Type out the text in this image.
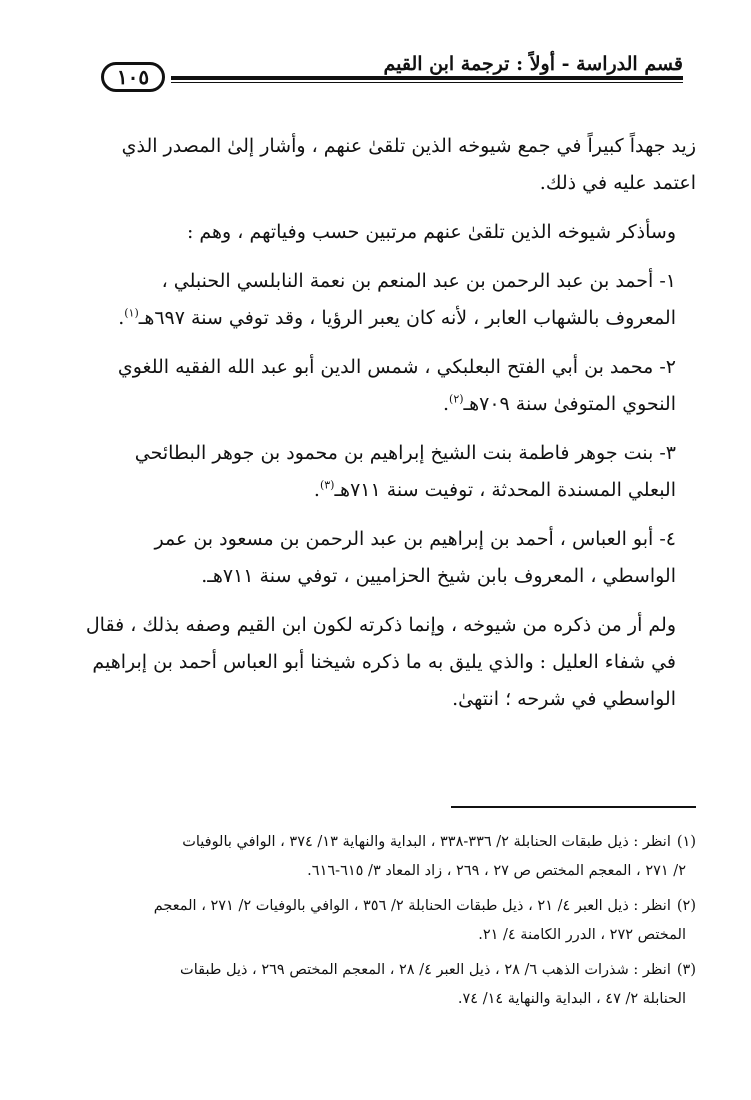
قسم الدراسة - أولاً : ترجمة ابن القيم
١٠٥

زيد جهداً كبيراً في جمع شيوخه الذين تلقىٰ عنهم ، وأشار إلىٰ المصدر الذي
اعتمد عليه في ذلك.

وسأذكر شيوخه الذين تلقىٰ عنهم مرتبين حسب وفياتهم ، وهم :

١- أحمد بن عبد الرحمن بن عبد المنعم بن نعمة النابلسي الحنبلي ،
المعروف بالشهاب العابر ، لأنه كان يعبر الرؤيا ، وقد توفي سنة ٦٩٧هـ$^{(١)}$.

٢- محمد بن أبي الفتح البعلبكي ، شمس الدين أبو عبد الله الفقيه اللغوي
النحوي المتوفىٰ سنة ٧٠٩هـ$^{(٢)}$.

٣- بنت جوهر فاطمة بنت الشيخ إبراهيم بن محمود بن جوهر البطائحي
البعلي المسندة المحدثة ، توفيت سنة ٧١١هـ$^{(٣)}$.

٤- أبو العباس ، أحمد بن إبراهيم بن عبد الرحمن بن مسعود بن عمر
الواسطي ، المعروف بابن شيخ الحزاميين ، توفي سنة ٧١١هـ.

ولم أر من ذكره من شيوخه ، وإنما ذكرته لكون ابن القيم وصفه بذلك ، فقال
في شفاء العليل : والذي يليق به ما ذكره شيخنا أبو العباس أحمد بن إبراهيم
الواسطي في شرحه ؛ انتهىٰ.

(١)انظر : ذيل طبقات الحنابلة ٢/ ٣٣٦-٣٣٨ ، البداية والنهاية ١٣/ ٣٧٤ ، الوافي بالوفيات
٢/ ٢٧١ ، المعجم المختص ص ٢٧ ، ٢٦٩ ، زاد المعاد ٣/ ٦١٥-٦١٦.
(٢)انظر : ذيل العبر ٤/ ٢١ ، ذيل طبقات الحنابلة ٢/ ٣٥٦ ، الوافي بالوفيات ٢/ ٢٧١ ، المعجم
المختص ٢٧٢ ، الدرر الكامنة ٤/ ٢١.
(٣)انظر : شذرات الذهب ٦/ ٢٨ ، ذيل العبر ٤/ ٢٨ ، المعجم المختص ٢٦٩ ، ذيل طبقات
الحنابلة ٢/ ٤٧ ، البداية والنهاية ١٤/ ٧٤.
